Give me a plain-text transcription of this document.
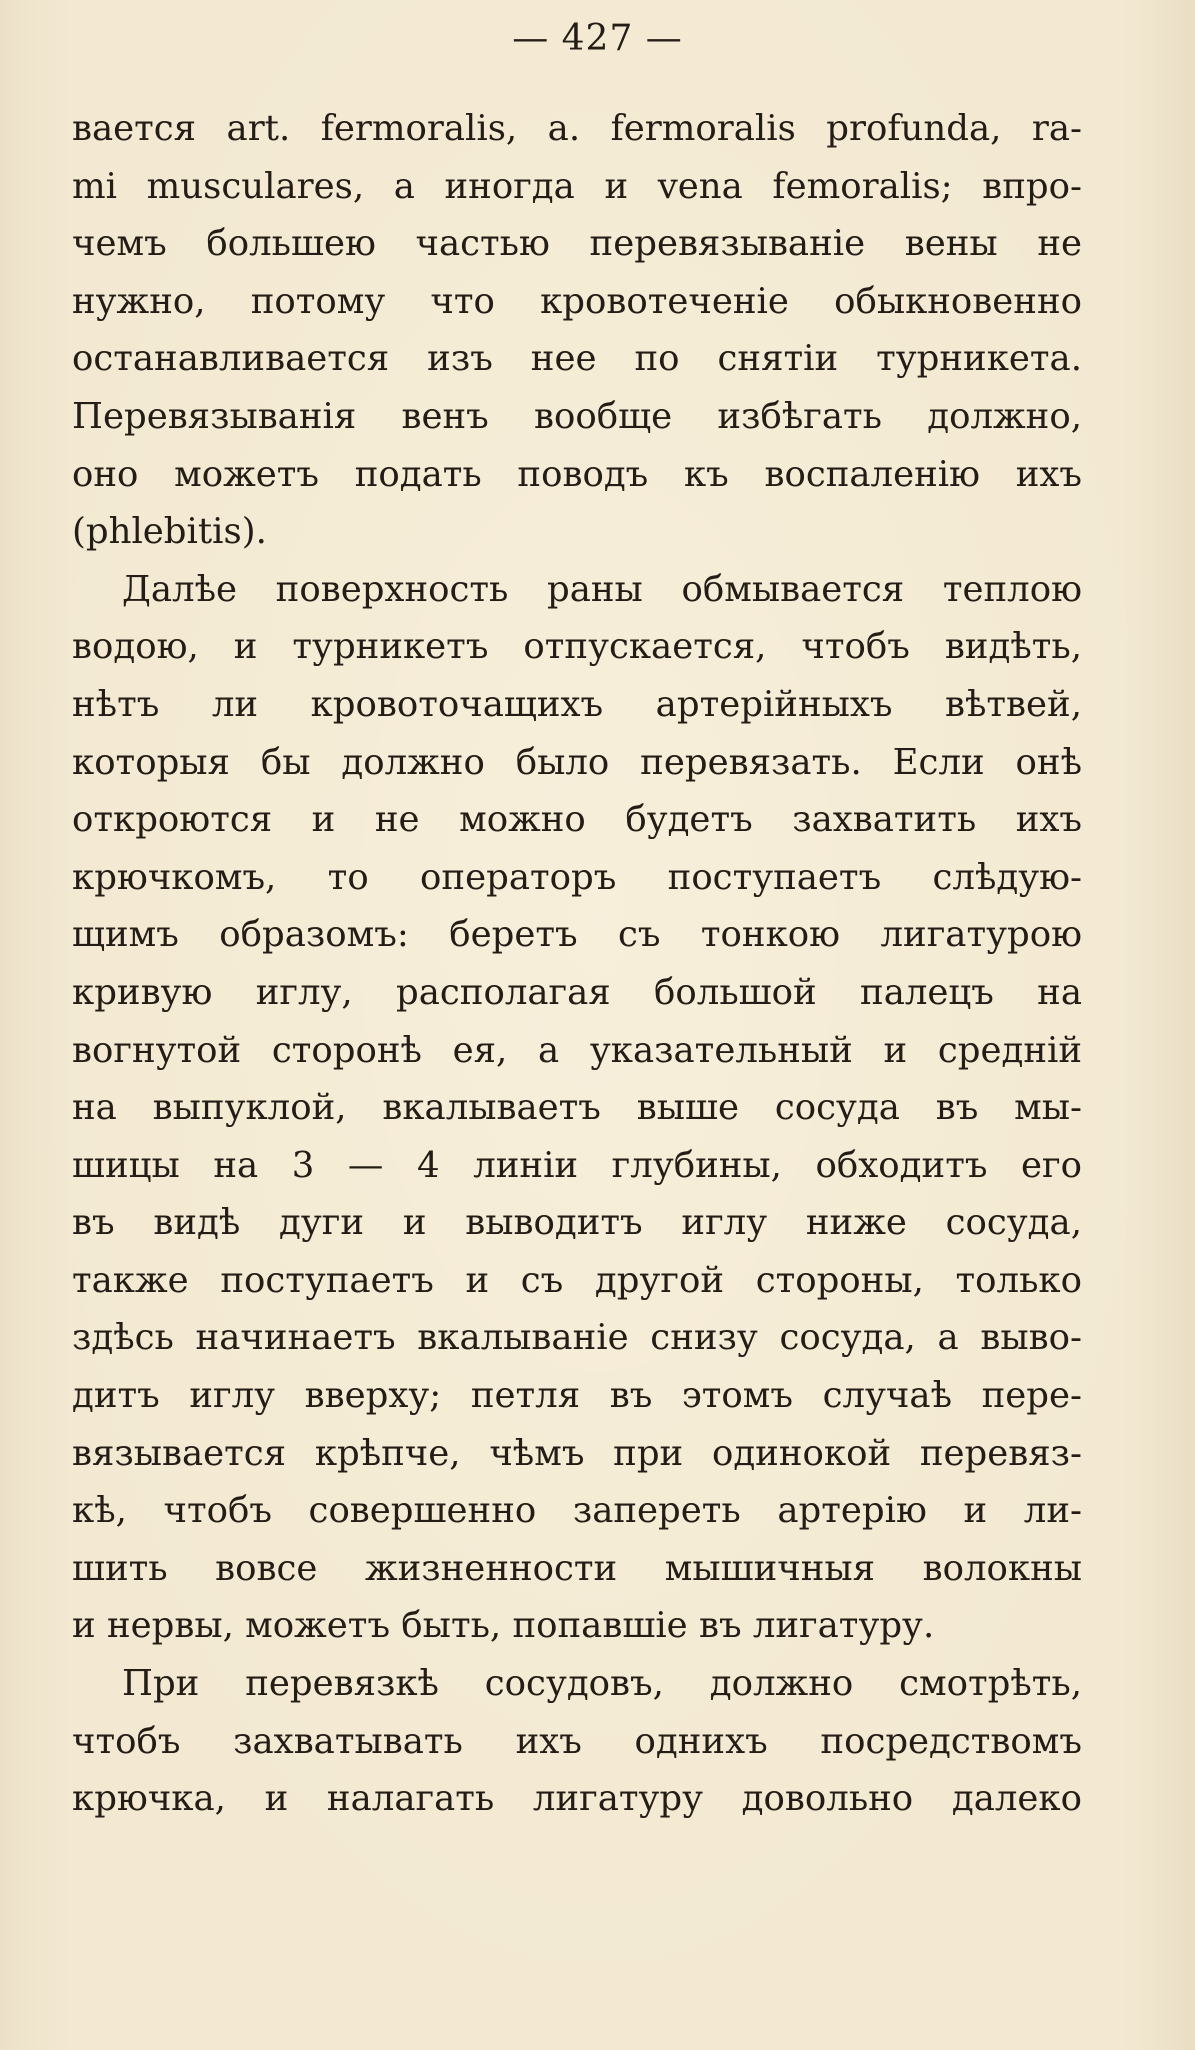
— 427 —
вается art. fermoralis, a. fermoralis profunda, ra-
mi musculares, а иногда и vena femoralis; впро-
чемъ большею частью перевязываніе вены не
нужно, потому что кровотеченіе обыкновенно
останавливается изъ нее по снятіи турникета.
Перевязыванія венъ вообще избѣгать должно,
оно можетъ подать поводъ къ воспаленію ихъ
(phlebitis).
Далѣе поверхность раны обмывается теплою
водою, и турникетъ отпускается, чтобъ видѣть,
нѣтъ ли кровоточащихъ артерійныхъ вѣтвей,
которыя бы должно было перевязать. Если онѣ
откроются и не можно будетъ захватить ихъ
крючкомъ, то операторъ поступаетъ слѣдую-
щимъ образомъ: беретъ съ тонкою лигатурою
кривую иглу, располагая большой палецъ на
вогнутой сторонѣ ея, а указательный и средній
на выпуклой, вкалываетъ выше сосуда въ мы-
шицы на 3 — 4 линіи глубины, обходитъ его
въ видѣ дуги и выводитъ иглу ниже сосуда,
также поступаетъ и съ другой стороны, только
здѣсь начинаетъ вкалываніе снизу сосуда, а выво-
дитъ иглу вверху; петля въ этомъ случаѣ пере-
вязывается крѣпче, чѣмъ при одинокой перевяз-
кѣ, чтобъ совершенно запереть артерію и ли-
шить вовсе жизненности мышичныя волокны
и нервы, можетъ быть, попавшіе въ лигатуру.
При перевязкѣ сосудовъ, должно смотрѣть,
чтобъ захватывать ихъ однихъ посредствомъ
крючка, и налагать лигатуру довольно далеко
